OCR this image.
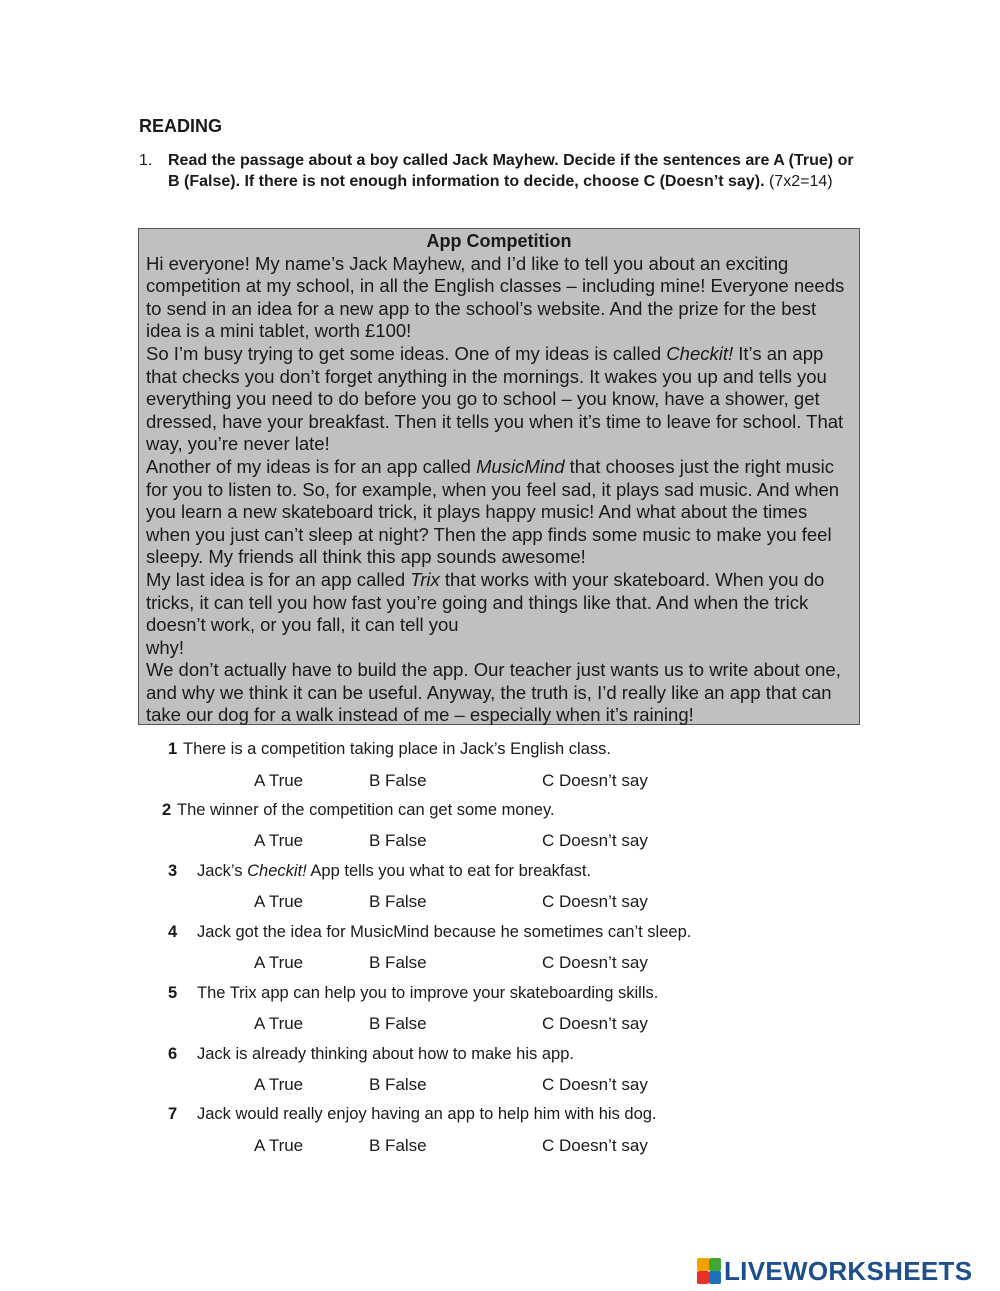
READING
1. Read the passage about a boy called Jack Mayhew. Decide if the sentences are A (True) or B (False). If there is not enough information to decide, choose C (Doesn’t say). (7x2=14)
App Competition

Hi everyone! My name’s Jack Mayhew, and I’d like to tell you about an exciting competition at my school, in all the English classes – including mine! Everyone needs to send in an idea for a new app to the school’s website. And the prize for the best idea is a mini tablet, worth £100!

So I’m busy trying to get some ideas. One of my ideas is called Checkit! It’s an app that checks you don’t forget anything in the mornings. It wakes you up and tells you everything you need to do before you go to school – you know, have a shower, get dressed, have your breakfast. Then it tells you when it’s time to leave for school. That way, you’re never late!

Another of my ideas is for an app called MusicMind that chooses just the right music for you to listen to. So, for example, when you feel sad, it plays sad music. And when you learn a new skateboard trick, it plays happy music! And what about the times when you just can’t sleep at night? Then the app finds some music to make you feel sleepy. My friends all think this app sounds awesome!

My last idea is for an app called Trix that works with your skateboard. When you do tricks, it can tell you how fast you’re going and things like that. And when the trick doesn’t work, or you fall, it can tell you
why!

We don’t actually have to build the app. Our teacher just wants us to write about one, and why we think it can be useful. Anyway, the truth is, I’d really like an app that can take our dog for a walk instead of me – especially when it’s raining!

1 There is a competition taking place in Jack’s English class.
A True	B False	C Doesn’t say
2 The winner of the competition can get some money.
A True	B False	C Doesn’t say
3 Jack’s Checkit! App tells you what to eat for breakfast.
A True	B False	C Doesn’t say
4 Jack got the idea for MusicMind because he sometimes can’t sleep.
A True	B False	C Doesn’t say
5 The Trix app can help you to improve your skateboarding skills.
A True	B False	C Doesn’t say
6 Jack is already thinking about how to make his app.
A True	B False	C Doesn’t say
7 Jack would really enjoy having an app to help him with his dog.
A True	B False	C Doesn’t say
LIVEWORKSHEETS
